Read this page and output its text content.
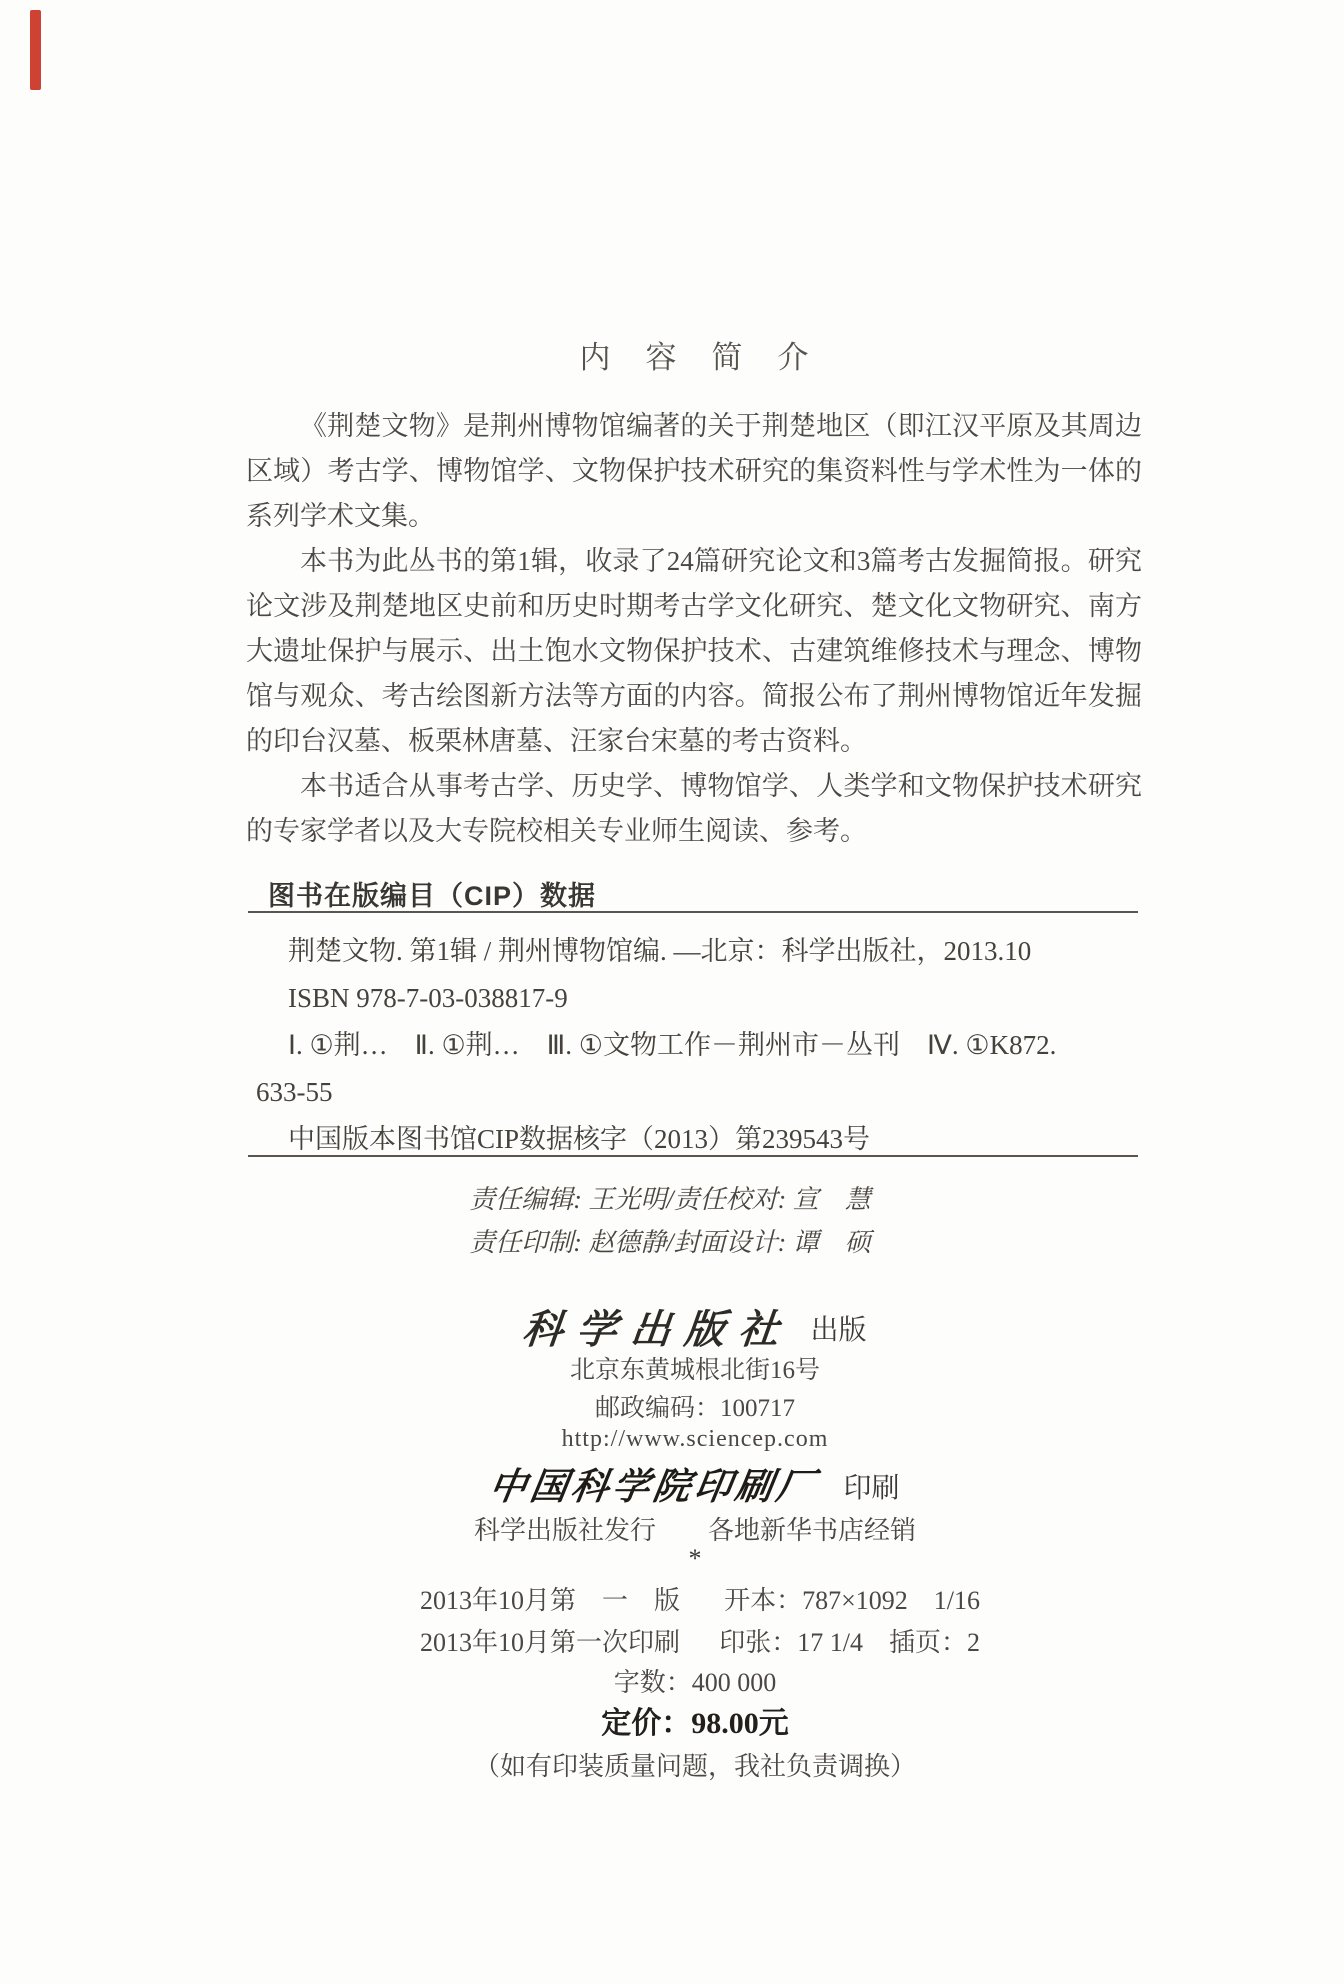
内　容　简　介

《荆楚文物》是荆州博物馆编著的关于荆楚地区（即江汉平原及其周边区域）考古学、博物馆学、文物保护技术研究的集资料性与学术性为一体的系列学术文集。

本书为此丛书的第1辑，收录了24篇研究论文和3篇考古发掘简报。研究论文涉及荆楚地区史前和历史时期考古学文化研究、楚文化文物研究、南方大遗址保护与展示、出土饱水文物保护技术、古建筑维修技术与理念、博物馆与观众、考古绘图新方法等方面的内容。简报公布了荆州博物馆近年发掘的印台汉墓、板栗林唐墓、汪家台宋墓的考古资料。

本书适合从事考古学、历史学、博物馆学、人类学和文物保护技术研究的专家学者以及大专院校相关专业师生阅读、参考。

图书在版编目（CIP）数据
荆楚文物. 第1辑 / 荆州博物馆编. —北京：科学出版社，2013.10
ISBN 978-7-03-038817-9
Ⅰ. ①荆…　Ⅱ. ①荆…　Ⅲ. ①文物工作－荆州市－丛刊　Ⅳ. ①K872.
633-55
中国版本图书馆CIP数据核字（2013）第239543号
责任编辑: 王光明/责任校对: 宣　慧
责任印制: 赵德静/封面设计: 谭　硕
科学出版社 出版
北京东黄城根北街16号
邮政编码：100717
http://www.sciencep.com
中国科学院印刷厂 印刷
科学出版社发行　　各地新华书店经销
*
2013年10月第　一　版 开本：787×1092　1/16
2013年10月第一次印刷 印张：17 1/4　插页：2
字数：400 000
定价：98.00元
（如有印装质量问题，我社负责调换）
